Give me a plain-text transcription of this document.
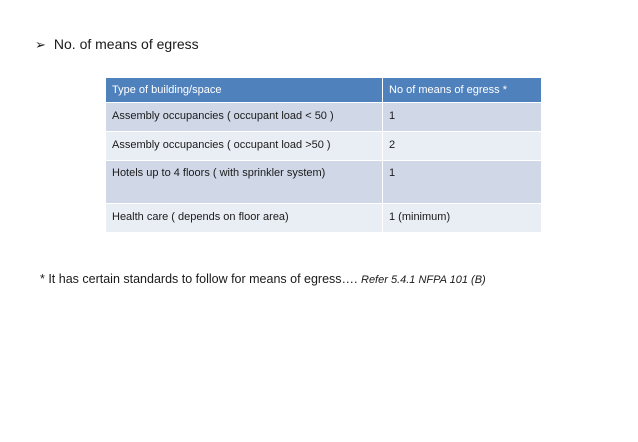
➢ No. of means of egress
Type of building/space	No of means of egress *
Assembly occupancies ( occupant load < 50 )	1
Assembly occupancies ( occupant load >50 )	2
Hotels up to 4 floors ( with sprinkler system)	1
Health care ( depends on floor area)	1 (minimum)
* It has certain standards to follow for means of egress…. Refer 5.4.1 NFPA 101 (B)
